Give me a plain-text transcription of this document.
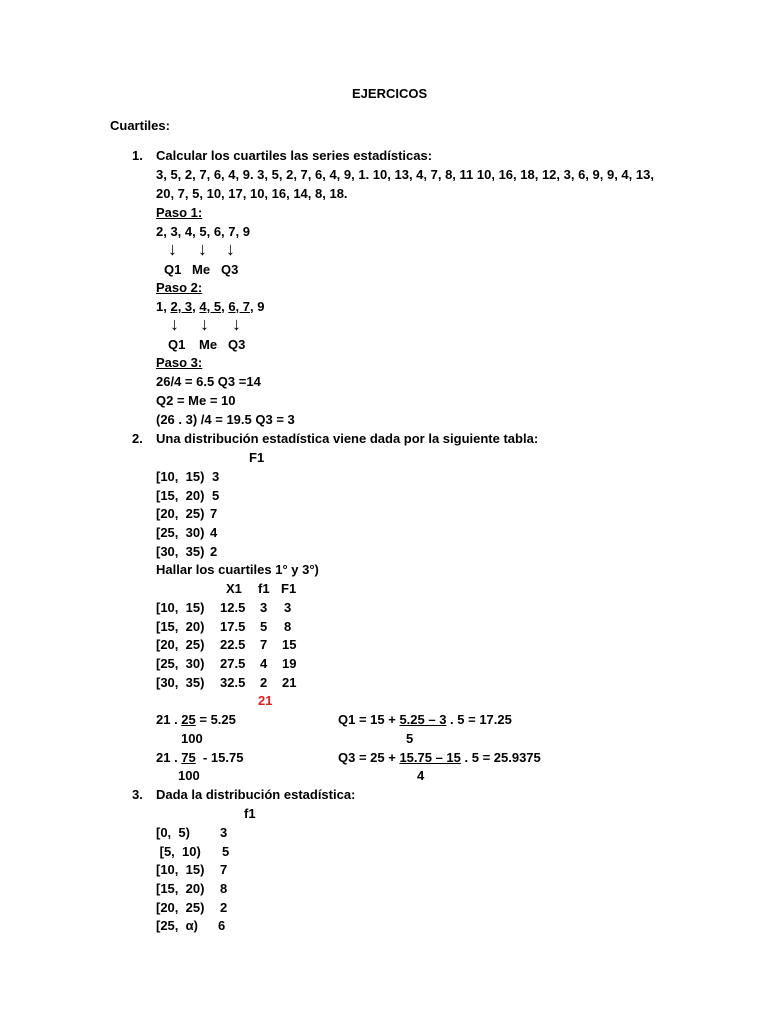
EJERCICOS
Cuartiles:
1. Calcular los cuartiles las series estadísticas:
3, 5, 2, 7, 6, 4, 9. 3, 5, 2, 7, 6, 4, 9, 1. 10, 13, 4, 7, 8, 11 10, 16, 18, 12, 3, 6, 9, 9, 4, 13,
20, 7, 5, 10, 17, 10, 16, 14, 8, 18.
Paso 1:
2, 3, 4, 5, 6, 7, 9
↓ ↓ ↓
Q1 Me Q3
Paso 2:
1, 2, 3, 4, 5, 6, 7, 9
↓ ↓ ↓
Q1 Me Q3
Paso 3:
26/4 = 6.5 Q3 =14
Q2 = Me = 10
(26 . 3) /4 = 19.5 Q3 = 3
2. Una distribución estadística viene dada por la siguiente tabla:
F1
[10,  15) 3
[15,  20) 5
[20,  25) 7
[25,  30) 4
[30,  35) 2
Hallar los cuartiles 1° y 3°)
X1 f1 F1
[10,  15) 12.5 3 3
[15,  20) 17.5 5 8
[20,  25) 22.5 7 15
[25,  30) 27.5 4 19
[30,  35) 32.5 2 21
21
21 . 25 = 5.25
100
Q1 = 15 + 5.25 – 3 . 5 = 17.25
5
21 . 75  - 15.75
100
Q3 = 25 + 15.75 – 15 . 5 = 25.9375
4
3. Dada la distribución estadística:
f1
[0,  5) 3
[5,  10) 5
[10,  15) 7
[15,  20) 8
[20,  25) 2
[25,  α) 6
